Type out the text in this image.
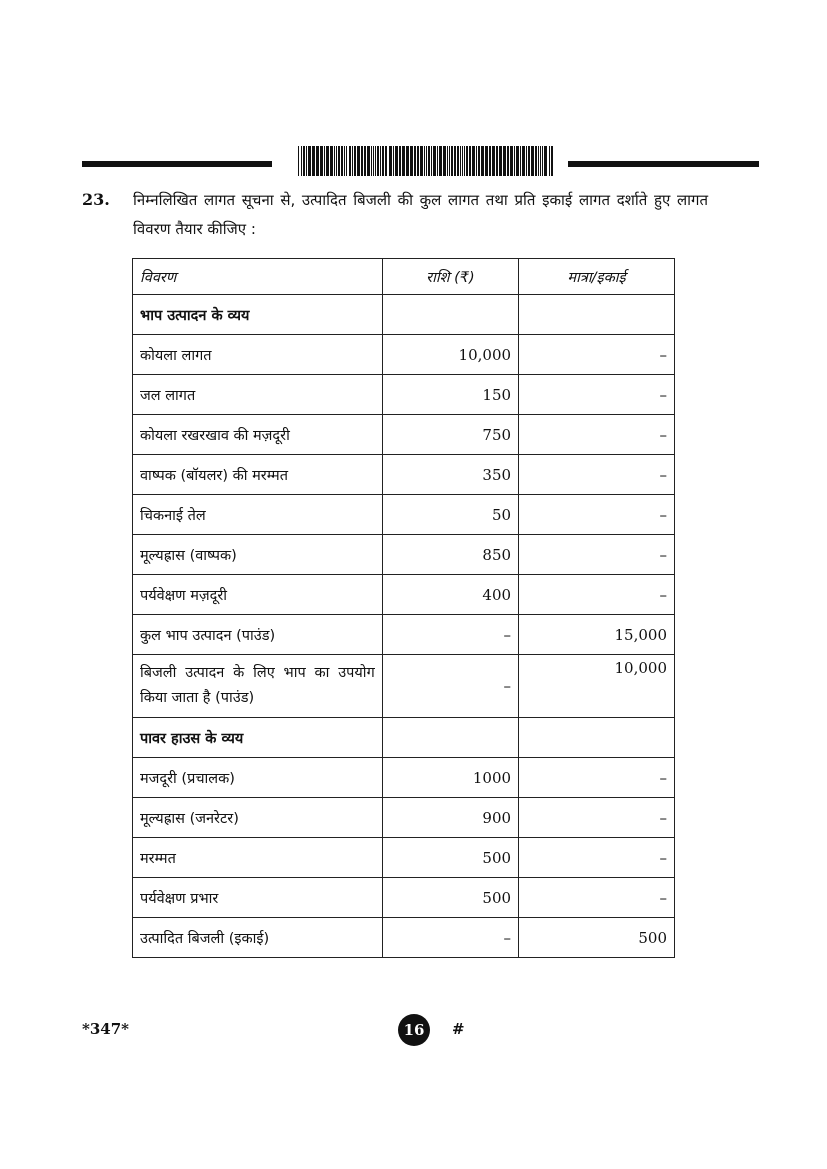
23. निम्नलिखित लागत सूचना से, उत्पादित बिजली की कुल लागत तथा प्रति इकाई लागत दर्शाते हुए लागत विवरण तैयार कीजिए :
विवरण	राशि (₹)	मात्रा/इकाई
भाप उत्पादन के व्यय		
कोयला लागत	10,000	–
जल लागत	150	–
कोयला रखरखाव की मज़दूरी	750	–
वाष्पक (बॉयलर) की मरम्मत	350	–
चिकनाई तेल	50	–
मूल्यह्रास (वाष्पक)	850	–
पर्यवेक्षण मज़दूरी	400	–
कुल भाप उत्पादन (पाउंड)	–	15,000
बिजली उत्पादन के लिए भाप का उपयोग किया जाता है (पाउंड)	–	10,000
पावर हाउस के व्यय		
मजदूरी (प्रचालक)	1000	–
मूल्यह्रास (जनरेटर)	900	–
मरम्मत	500	–
पर्यवेक्षण प्रभार	500	–
उत्पादित बिजली (इकाई)	–	500
*347*	16 #
